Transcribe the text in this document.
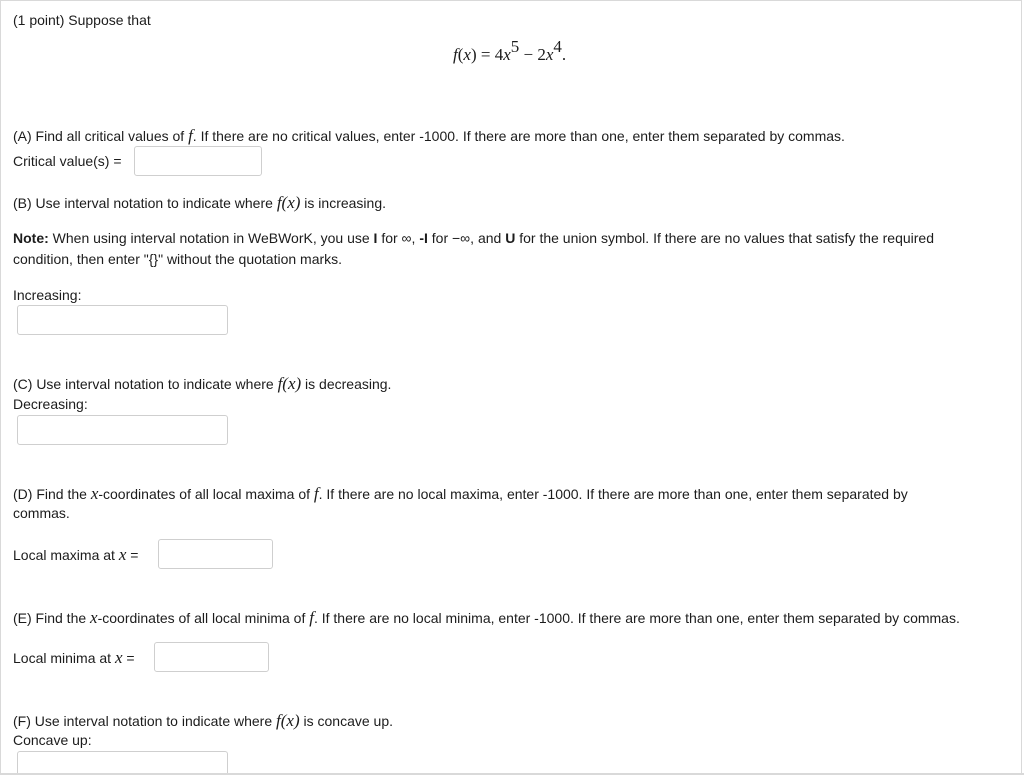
(1 point) Suppose that
$f(x) = 4x^5 - 2x^4$.
(A) Find all critical values of f. If there are no critical values, enter -1000. If there are more than one, enter them separated by commas.
Critical value(s) =
(B) Use interval notation to indicate where f(x) is increasing.
Note: When using interval notation in WeBWorK, you use I for ∞, -I for −∞, and U for the union symbol. If there are no values that satisfy the required
condition, then enter "{}" without the quotation marks.
Increasing:
(C) Use interval notation to indicate where f(x) is decreasing.
Decreasing:
(D) Find the x-coordinates of all local maxima of f. If there are no local maxima, enter -1000. If there are more than one, enter them separated by
commas.
Local maxima at x =
(E) Find the x-coordinates of all local minima of f. If there are no local minima, enter -1000. If there are more than one, enter them separated by commas.
Local minima at x =
(F) Use interval notation to indicate where f(x) is concave up.
Concave up:
